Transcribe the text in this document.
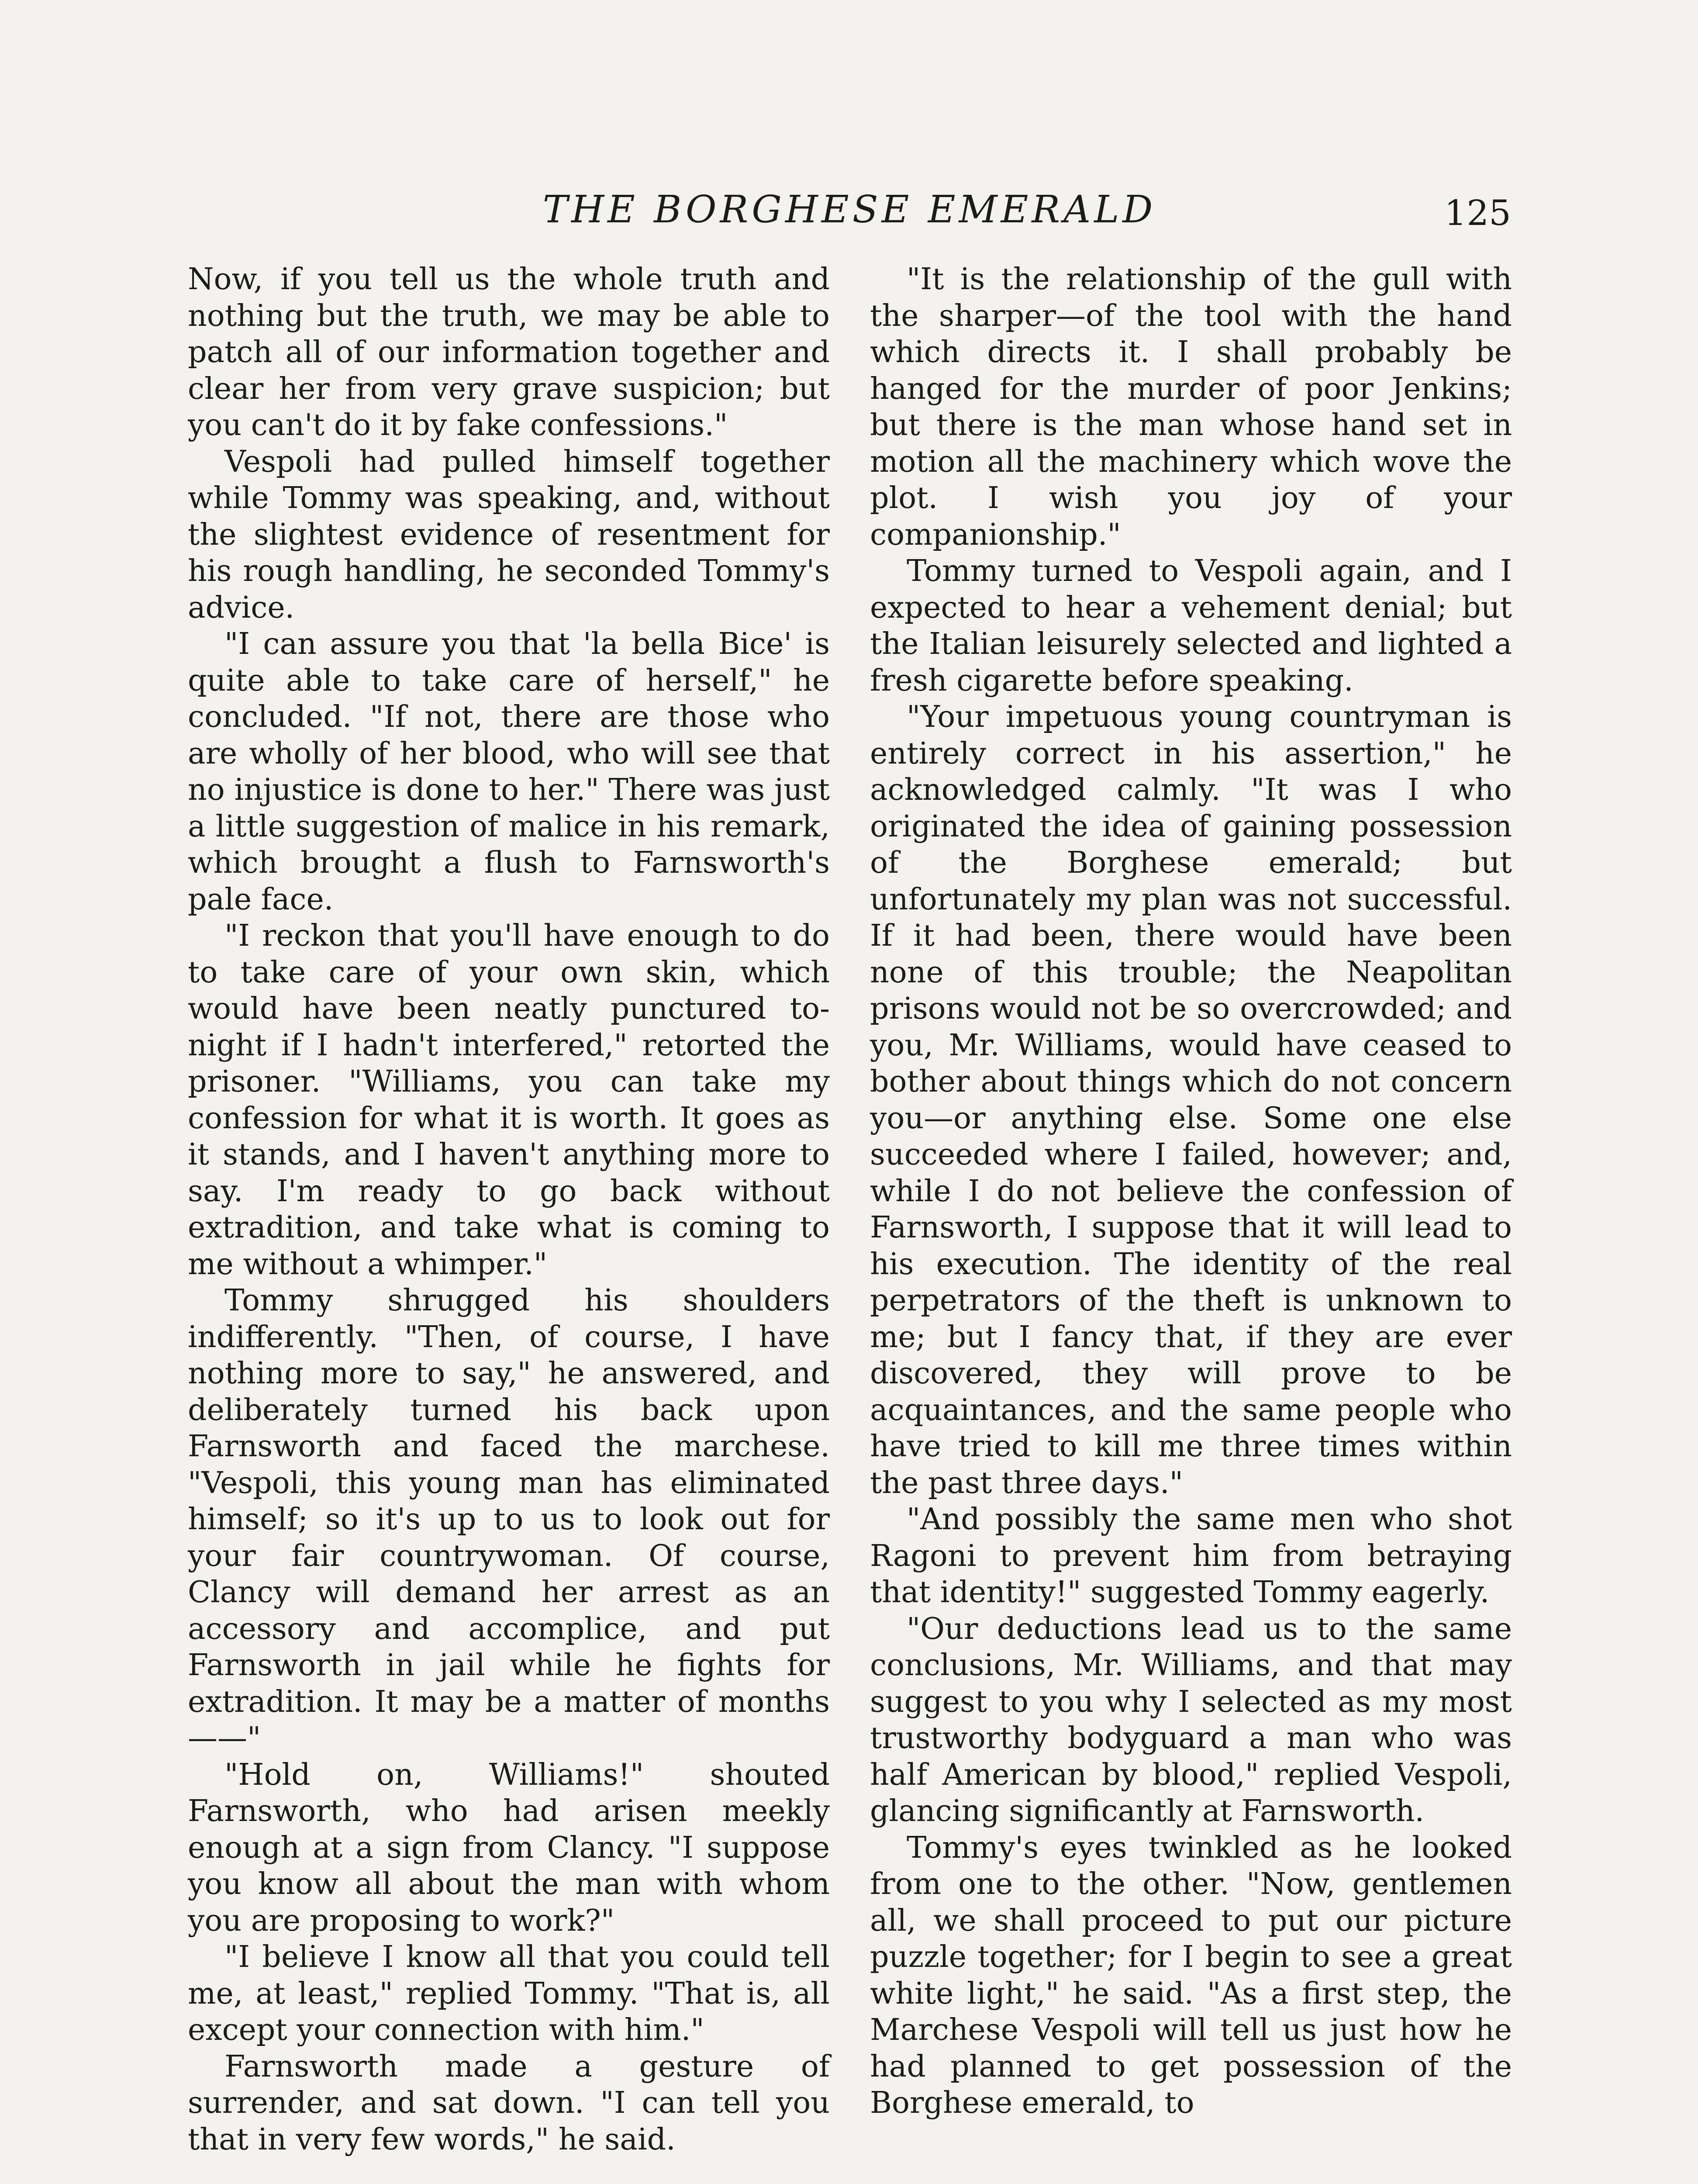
THE BORGHESE EMERALD	125

Now, if you tell us the whole truth and nothing but the truth, we may be able to patch all of our information together and clear her from very grave suspicion; but you can't do it by fake confessions."

Vespoli had pulled himself together while Tommy was speaking, and, without the slightest evidence of resentment for his rough handling, he seconded Tommy's advice.

"I can assure you that 'la bella Bice' is quite able to take care of herself," he concluded. "If not, there are those who are wholly of her blood, who will see that no injustice is done to her." There was just a little suggestion of malice in his remark, which brought a flush to Farnsworth's pale face.

"I reckon that you'll have enough to do to take care of your own skin, which would have been neatly punctured to-night if I hadn't interfered," retorted the prisoner. "Williams, you can take my confession for what it is worth. It goes as it stands, and I haven't anything more to say. I'm ready to go back without extradition, and take what is coming to me without a whimper."

Tommy shrugged his shoulders indifferently. "Then, of course, I have nothing more to say," he answered, and deliberately turned his back upon Farnsworth and faced the marchese. "Vespoli, this young man has eliminated himself; so it's up to us to look out for your fair countrywoman. Of course, Clancy will demand her arrest as an accessory and accomplice, and put Farnsworth in jail while he fights for extradition. It may be a matter of months——"

"Hold on, Williams!" shouted Farnsworth, who had arisen meekly enough at a sign from Clancy. "I suppose you know all about the man with whom you are proposing to work?"

"I believe I know all that you could tell me, at least," replied Tommy. "That is, all except your connection with him."

Farnsworth made a gesture of surrender, and sat down. "I can tell you that in very few words," he said.

"It is the relationship of the gull with the sharper—of the tool with the hand which directs it. I shall probably be hanged for the murder of poor Jenkins; but there is the man whose hand set in motion all the machinery which wove the plot. I wish you joy of your companionship."

Tommy turned to Vespoli again, and I expected to hear a vehement denial; but the Italian leisurely selected and lighted a fresh cigarette before speaking.

"Your impetuous young countryman is entirely correct in his assertion," he acknowledged calmly. "It was I who originated the idea of gaining possession of the Borghese emerald; but unfortunately my plan was not successful. If it had been, there would have been none of this trouble; the Neapolitan prisons would not be so overcrowded; and you, Mr. Williams, would have ceased to bother about things which do not concern you—or anything else. Some one else succeeded where I failed, however; and, while I do not believe the confession of Farnsworth, I suppose that it will lead to his execution. The identity of the real perpetrators of the theft is unknown to me; but I fancy that, if they are ever discovered, they will prove to be acquaintances, and the same people who have tried to kill me three times within the past three days."

"And possibly the same men who shot Ragoni to prevent him from betraying that identity!" suggested Tommy eagerly.

"Our deductions lead us to the same conclusions, Mr. Williams, and that may suggest to you why I selected as my most trustworthy bodyguard a man who was half American by blood," replied Vespoli, glancing significantly at Farnsworth.

Tommy's eyes twinkled as he looked from one to the other. "Now, gentlemen all, we shall proceed to put our picture puzzle together; for I begin to see a great white light," he said. "As a first step, the Marchese Vespoli will tell us just how he had planned to get possession of the Borghese emerald, to
